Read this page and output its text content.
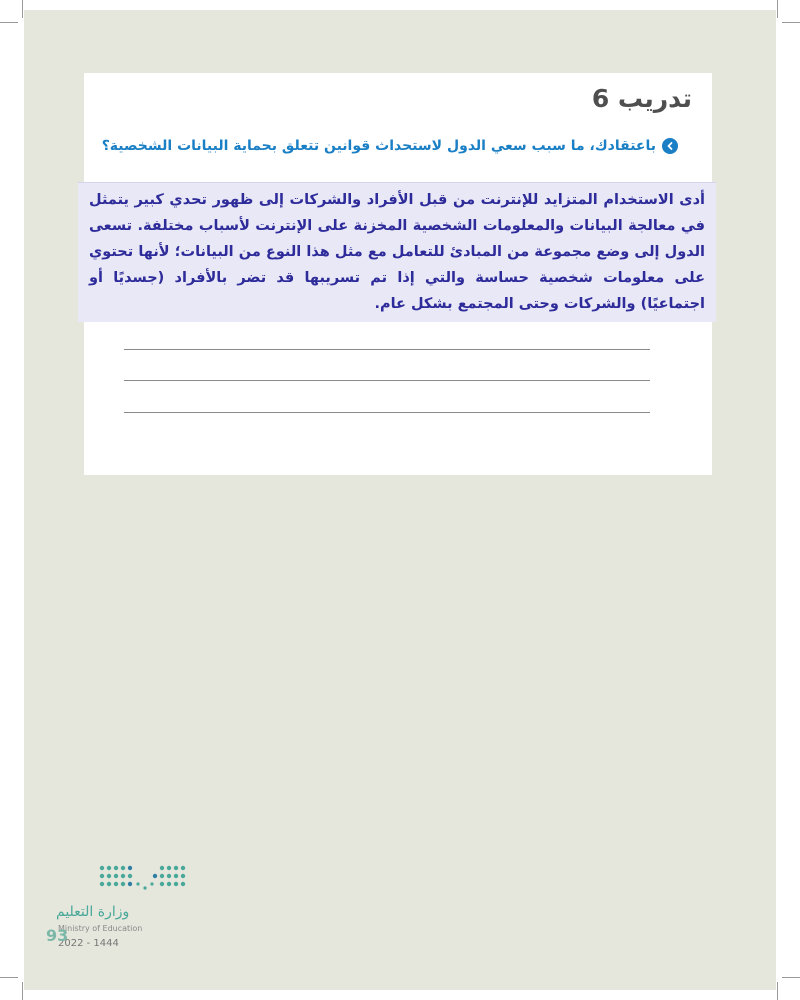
تدريب 6
باعتقادك، ما سبب سعي الدول لاستحداث قوانين تتعلق بحماية البيانات الشخصية؟

أدى الاستخدام المتزايد للإنترنت من قبل الأفراد والشركات إلى ظهور تحدي كبير يتمثل في معالجة البيانات والمعلومات الشخصية المخزنة على الإنترنت لأسباب مختلفة. تسعى الدول إلى وضع مجموعة من المبادئ للتعامل مع مثل هذا النوع من البيانات؛ لأنها تحتوي على معلومات شخصية حساسة والتي إذا تم تسريبها قد تضر بالأفراد (جسديًا أو اجتماعيًا) والشركات وحتى المجتمع بشكل عام.

وزارة التعليم
Ministry of Education
2022 - 1444
93
